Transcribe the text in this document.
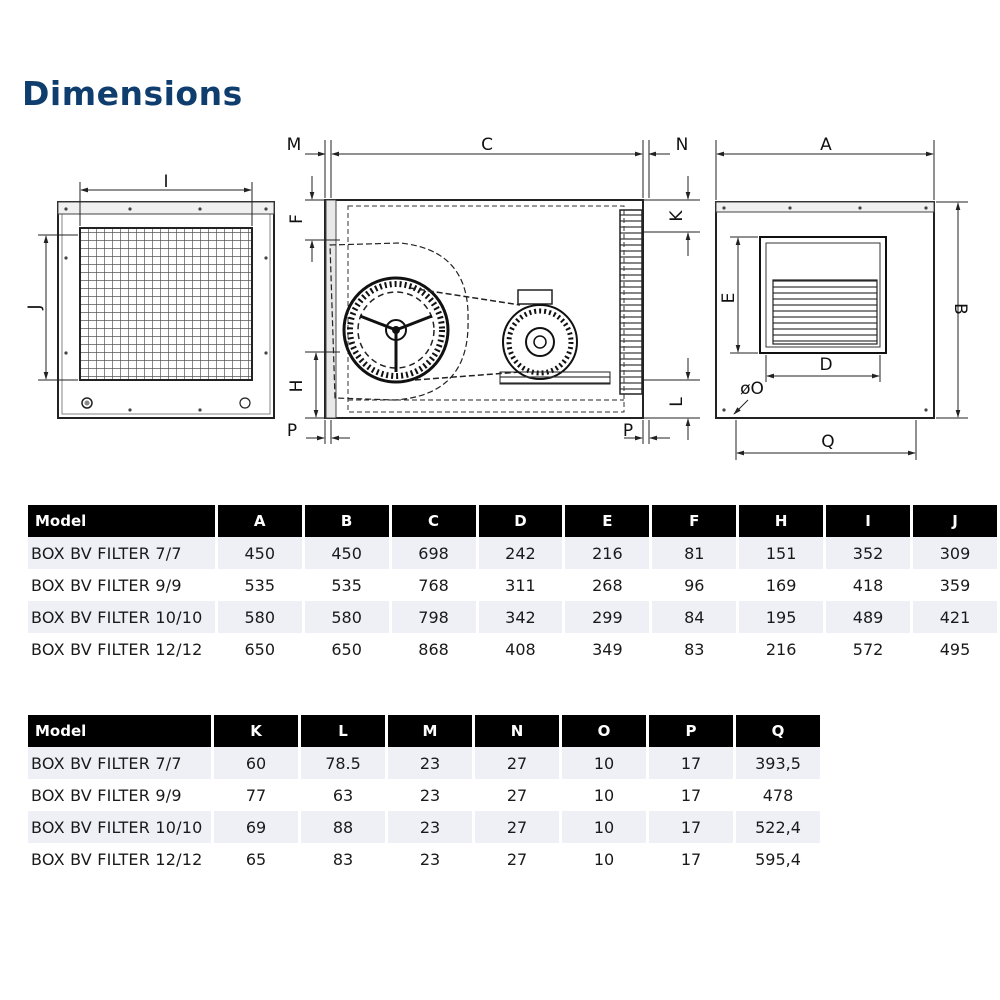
Dimensions
I
J
M	C	N
F
H
K
L
P	P
A
B
E
D
øO
Q
Model	A	B	C	D	E	F	H	I	J
BOX BV FILTER 7/7	450	450	698	242	216	81	151	352	309
BOX BV FILTER 9/9	535	535	768	311	268	96	169	418	359
BOX BV FILTER 10/10	580	580	798	342	299	84	195	489	421
BOX BV FILTER 12/12	650	650	868	408	349	83	216	572	495
Model	K	L	M	N	O	P	Q
BOX BV FILTER 7/7	60	78.5	23	27	10	17	393,5
BOX BV FILTER 9/9	77	63	23	27	10	17	478
BOX BV FILTER 10/10	69	88	23	27	10	17	522,4
BOX BV FILTER 12/12	65	83	23	27	10	17	595,4
